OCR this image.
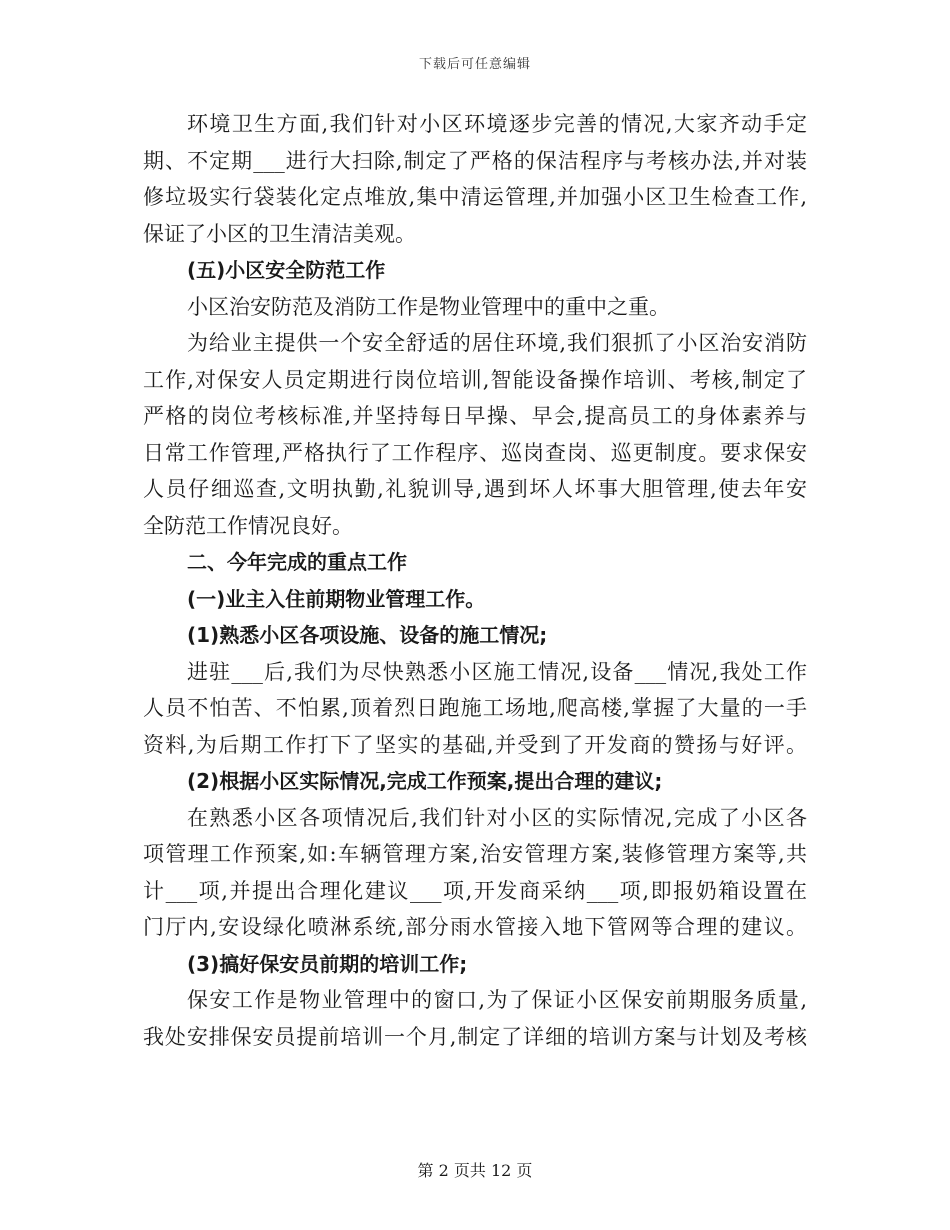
下载后可任意编辑
环境卫生方面,我们针对小区环境逐步完善的情况,大家齐动手定
期、不定期___进行大扫除,制定了严格的保洁程序与考核办法,并对装
修垃圾实行袋装化定点堆放,集中清运管理,并加强小区卫生检查工作,
保证了小区的卫生清洁美观。
(五)小区安全防范工作
小区治安防范及消防工作是物业管理中的重中之重。
为给业主提供一个安全舒适的居住环境,我们狠抓了小区治安消防
工作,对保安人员定期进行岗位培训,智能设备操作培训、考核,制定了
严格的岗位考核标准,并坚持每日早操、早会,提高员工的身体素养与
日常工作管理,严格执行了工作程序、巡岗查岗、巡更制度。要求保安
人员仔细巡查,文明执勤,礼貌训导,遇到坏人坏事大胆管理,使去年安
全防范工作情况良好。
二、今年完成的重点工作
(一)业主入住前期物业管理工作。
(1)熟悉小区各项设施、设备的施工情况;
进驻___后,我们为尽快熟悉小区施工情况,设备___情况,我处工作
人员不怕苦、不怕累,顶着烈日跑施工场地,爬高楼,掌握了大量的一手
资料,为后期工作打下了坚实的基础,并受到了开发商的赞扬与好评。
(2)根据小区实际情况,完成工作预案,提出合理的建议;
在熟悉小区各项情况后,我们针对小区的实际情况,完成了小区各
项管理工作预案,如:车辆管理方案,治安管理方案,装修管理方案等,共
计___项,并提出合理化建议___项,开发商采纳___项,即报奶箱设置在
门厅内,安设绿化喷淋系统,部分雨水管接入地下管网等合理的建议。
(3)搞好保安员前期的培训工作;
保安工作是物业管理中的窗口,为了保证小区保安前期服务质量,
我处安排保安员提前培训一个月,制定了详细的培训方案与计划及考核
第 2 页共 12 页
